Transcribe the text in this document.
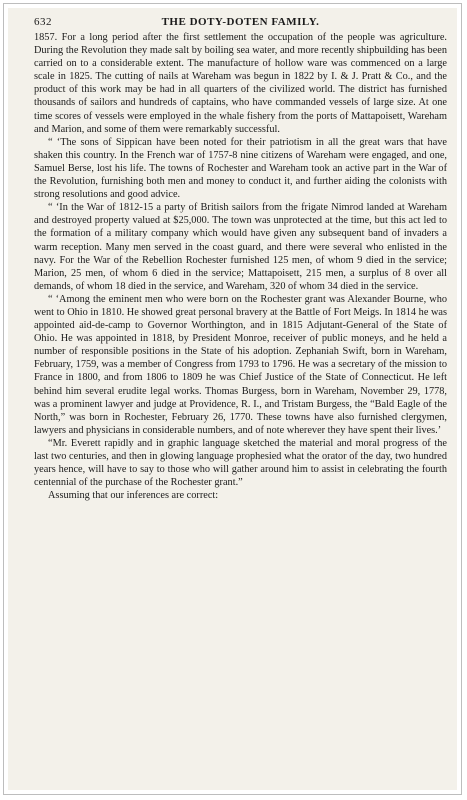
632	THE DOTY-DOTEN FAMILY.

1857. For a long period after the first settlement the occupation of the people was agriculture. During the Revolution they made salt by boiling sea water, and more recently shipbuilding has been carried on to a considerable extent. The manufacture of hollow ware was commenced on a large scale in 1825. The cutting of nails at Wareham was begun in 1822 by I. & J. Pratt & Co., and the product of this work may be had in all quarters of the civilized world. The district has furnished thousands of sailors and hundreds of captains, who have commanded vessels of large size. At one time scores of vessels were employed in the whale fishery from the ports of Mattapoisett, Wareham and Marion, and some of them were remarkably successful.

“ ‘The sons of Sippican have been noted for their patriotism in all the great wars that have shaken this country. In the French war of 1757-8 nine citizens of Wareham were engaged, and one, Samuel Berse, lost his life. The towns of Rochester and Wareham took an active part in the War of the Revolution, furnishing both men and money to conduct it, and further aiding the colonists with strong resolutions and good advice.

“ ‘In the War of 1812-15 a party of British sailors from the frigate Nimrod landed at Wareham and destroyed property valued at $25,000. The town was unprotected at the time, but this act led to the formation of a military company which would have given any subsequent band of invaders a warm reception. Many men served in the coast guard, and there were several who enlisted in the navy. For the War of the Rebellion Rochester furnished 125 men, of whom 9 died in the service; Marion, 25 men, of whom 6 died in the service; Mattapoisett, 215 men, a surplus of 8 over all demands, of whom 18 died in the service, and Wareham, 320 of whom 34 died in the service.

“ ‘Among the eminent men who were born on the Rochester grant was Alexander Bourne, who went to Ohio in 1810. He showed great personal bravery at the Battle of Fort Meigs. In 1814 he was appointed aid-de-camp to Governor Worthington, and in 1815 Adjutant-General of the State of Ohio. He was appointed in 1818, by President Monroe, receiver of public moneys, and he held a number of responsible positions in the State of his adoption. Zephaniah Swift, born in Wareham, February, 1759, was a member of Congress from 1793 to 1796. He was a secretary of the mission to France in 1800, and from 1806 to 1809 he was Chief Justice of the State of Connecticut. He left behind him several erudite legal works. Thomas Burgess, born in Wareham, November 29, 1778, was a prominent lawyer and judge at Providence, R. I., and Tristam Burgess, the “Bald Eagle of the North,” was born in Rochester, February 26, 1770. These towns have also furnished clergymen, lawyers and physicians in considerable numbers, and of note wherever they have spent their lives.’

“Mr. Everett rapidly and in graphic language sketched the material and moral progress of the last two centuries, and then in glowing language prophesied what the orator of the day, two hundred years hence, will have to say to those who will gather around him to assist in celebrating the fourth centennial of the purchase of the Rochester grant.”

Assuming that our inferences are correct:
